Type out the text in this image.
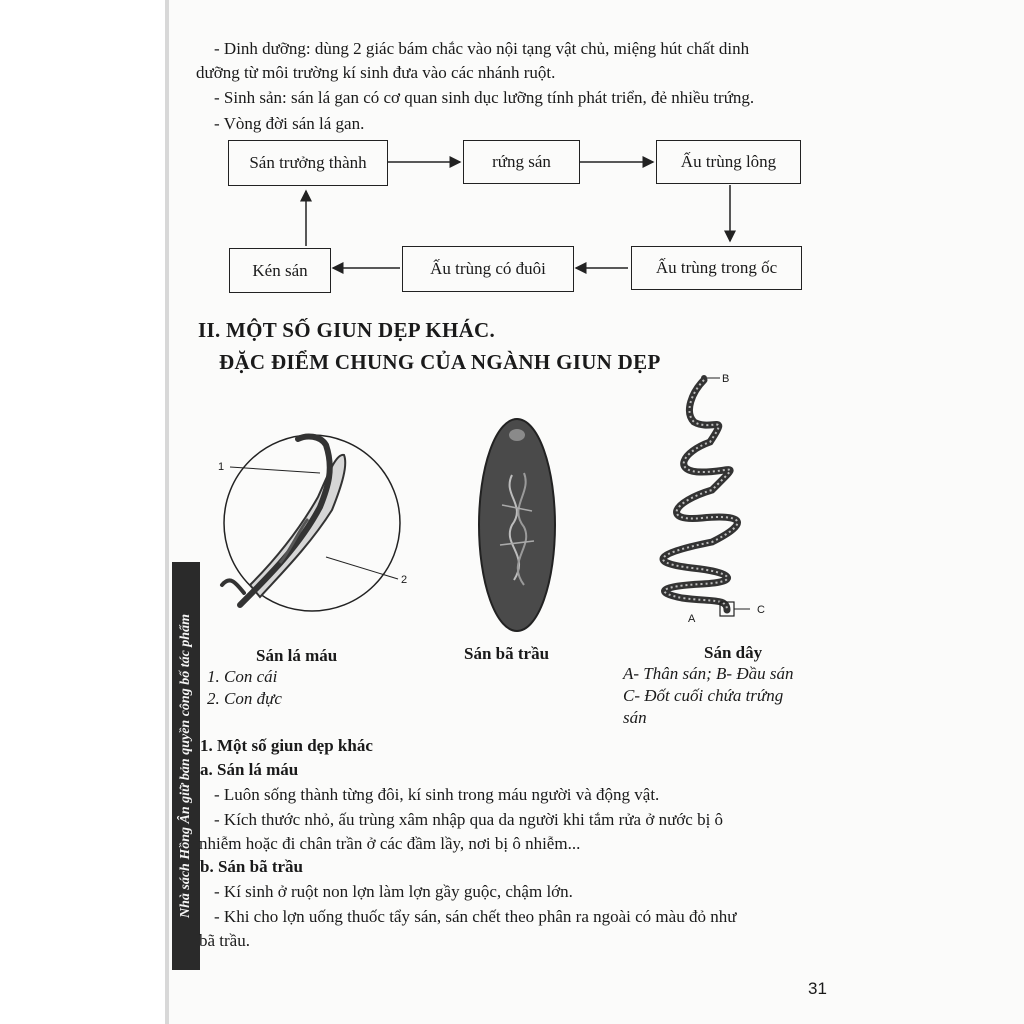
Nhà sách Hồng Ân giữ bản quyền công bố tác phẩm
- Dinh dưỡng: dùng 2 giác bám chắc vào nội tạng vật chủ, miệng hút chất dinh
dưỡng từ môi trường kí sinh đưa vào các nhánh ruột.
- Sinh sản: sán lá gan có cơ quan sinh dục lưỡng tính phát triển, đẻ nhiều trứng.
- Vòng đời sán lá gan.
Sán trưởng thành	rứng sán	Ấu trùng lông
Ấu trùng trong ốc
Ấu trùng có đuôi
Kén sán
II. MỘT SỐ GIUN DẸP KHÁC.
ĐẶC ĐIỂM CHUNG CỦA NGÀNH GIUN DẸP
1
2
Sán lá máu
1. Con cái
2. Con đực
Sán bã trầu
B
C
A
Sán dây
A- Thân sán; B- Đầu sán
C- Đốt cuối chứa trứng
sán
1. Một số giun dẹp khác
a. Sán lá máu
- Luôn sống thành từng đôi, kí sinh trong máu người và động vật.
- Kích thước nhỏ, ấu trùng xâm nhập qua da người khi tắm rửa ở nước bị ô
nhiễm hoặc đi chân trần ở các đầm lầy, nơi bị ô nhiễm...
b. Sán bã trầu
- Kí sinh ở ruột non lợn làm lợn gầy guộc, chậm lớn.
- Khi cho lợn uống thuốc tẩy sán, sán chết theo phân ra ngoài có màu đỏ như
bã trầu.
31
